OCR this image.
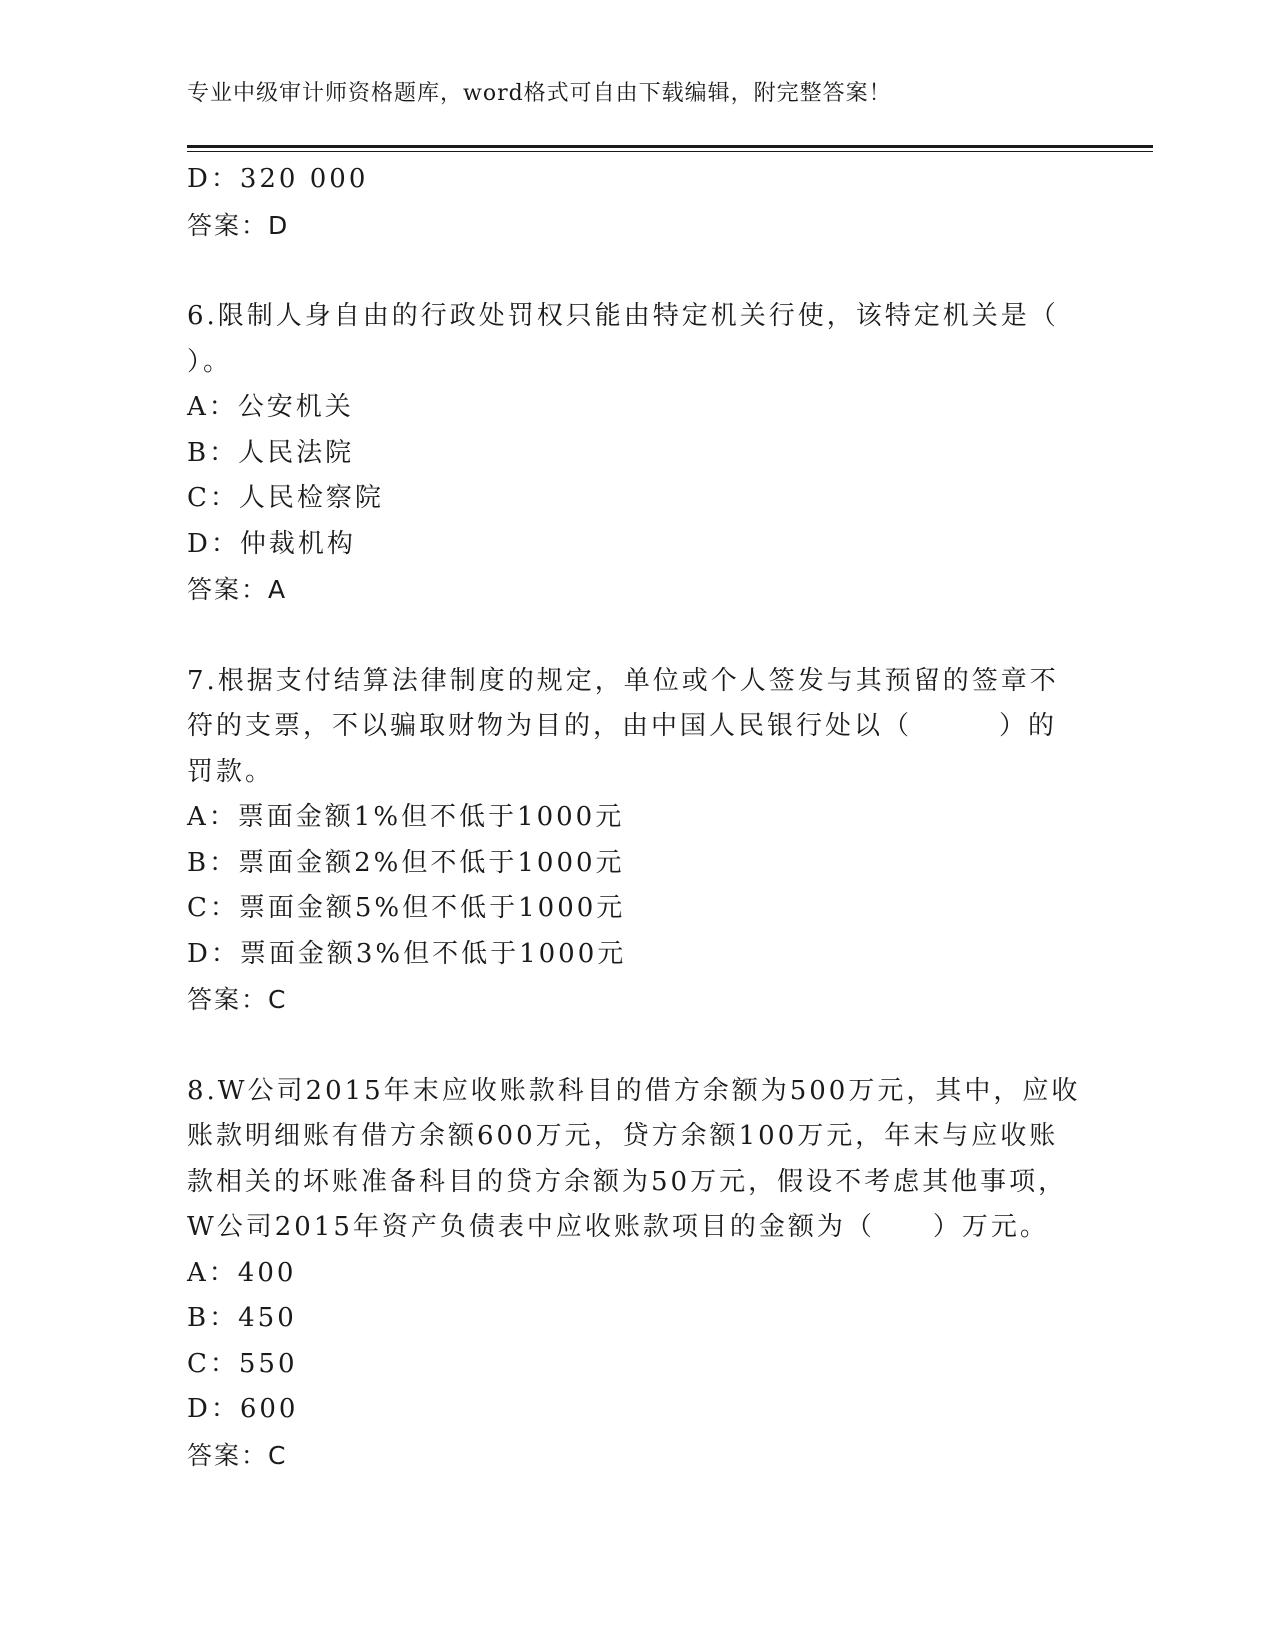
专业中级审计师资格题库，word格式可自由下载编辑，附完整答案！
D：320 000
答案：D
6.限制人身自由的行政处罚权只能由特定机关行使，该特定机关是（
）。
A：公安机关
B：人民法院
C：人民检察院
D：仲裁机构
答案：A
7.根据支付结算法律制度的规定，单位或个人签发与其预留的签章不
符的支票，不以骗取财物为目的，由中国人民银行处以（　　　）的
罚款。
A：票面金额1%但不低于1000元
B：票面金额2%但不低于1000元
C：票面金额5%但不低于1000元
D：票面金额3%但不低于1000元
答案：C
8.W公司2015年末应收账款科目的借方余额为500万元，其中，应收
账款明细账有借方余额600万元，贷方余额100万元，年末与应收账
款相关的坏账准备科目的贷方余额为50万元，假设不考虑其他事项，
W公司2015年资产负债表中应收账款项目的金额为（　　）万元。
A：400
B：450
C：550
D：600
答案：C
